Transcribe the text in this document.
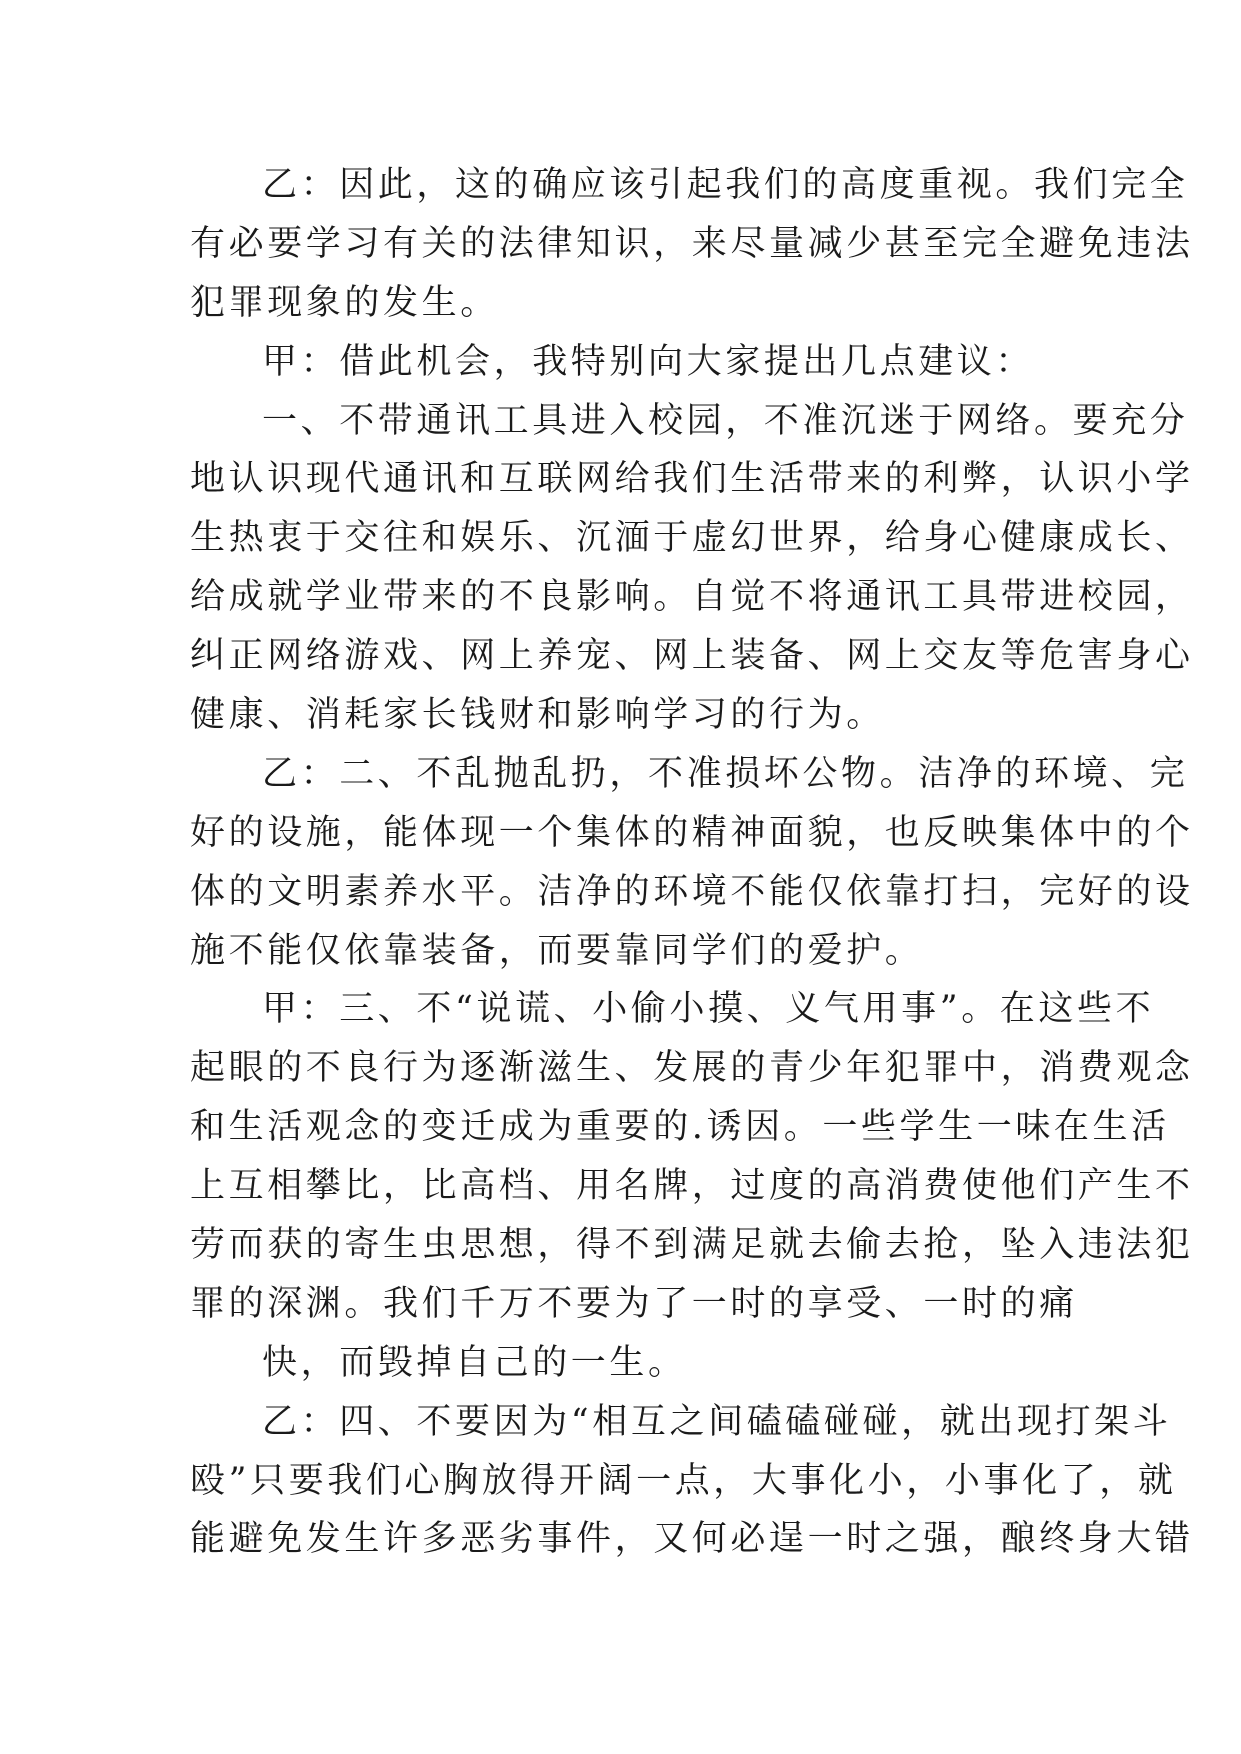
乙：因此，这的确应该引起我们的高度重视。我们完全
有必要学习有关的法律知识，来尽量减少甚至完全避免违法
犯罪现象的发生。
甲：借此机会，我特别向大家提出几点建议：
一、不带通讯工具进入校园，不准沉迷于网络。要充分
地认识现代通讯和互联网给我们生活带来的利弊，认识小学
生热衷于交往和娱乐、沉湎于虚幻世界，给身心健康成长、
给成就学业带来的不良影响。自觉不将通讯工具带进校园，
纠正网络游戏、网上养宠、网上装备、网上交友等危害身心
健康、消耗家长钱财和影响学习的行为。
乙：二、不乱抛乱扔，不准损坏公物。洁净的环境、完
好的设施，能体现一个集体的精神面貌，也反映集体中的个
体的文明素养水平。洁净的环境不能仅依靠打扫，完好的设
施不能仅依靠装备，而要靠同学们的爱护。
甲：三、不“说谎、小偷小摸、义气用事”。在这些不
起眼的不良行为逐渐滋生、发展的青少年犯罪中，消费观念
和生活观念的变迁成为重要的.诱因。一些学生一味在生活
上互相攀比，比高档、用名牌，过度的高消费使他们产生不
劳而获的寄生虫思想，得不到满足就去偷去抢，坠入违法犯
罪的深渊。我们千万不要为了一时的享受、一时的痛
快，而毁掉自己的一生。
乙：四、不要因为“相互之间磕磕碰碰，就出现打架斗
殴”只要我们心胸放得开阔一点，大事化小，小事化了，就
能避免发生许多恶劣事件，又何必逞一时之强，酿终身大错
